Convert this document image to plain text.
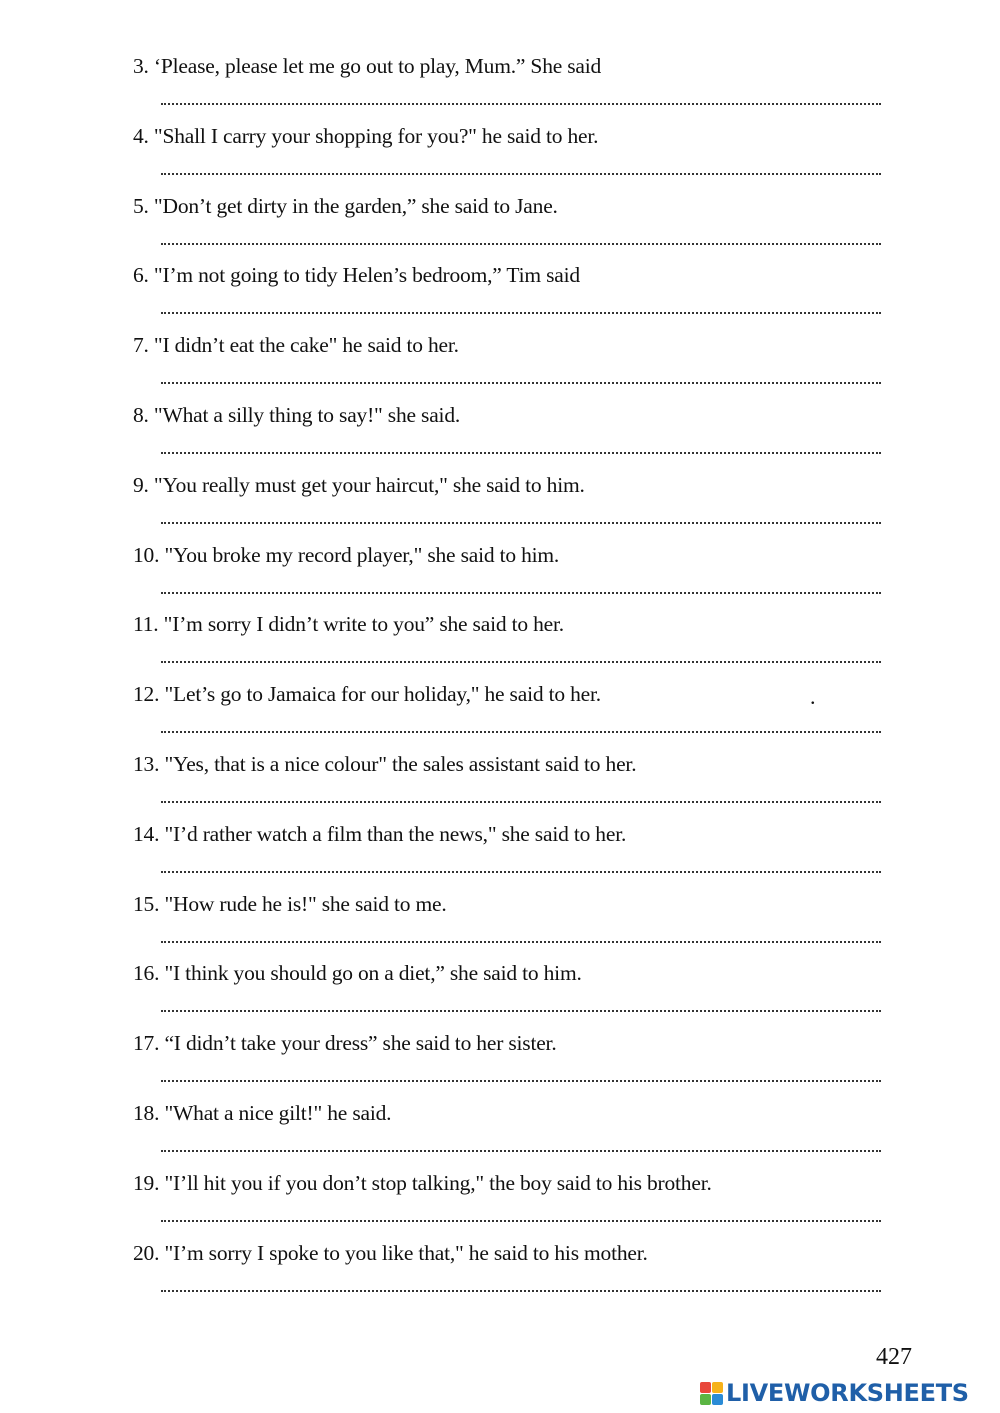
3. ‘Please, please let me go out to play, Mum.” She said
4. "Shall I carry your shopping for you?" he said to her.
5. "Don’t get dirty in the garden,” she said to Jane.
6. "I’m not going to tidy Helen’s bedroom,” Tim said
7. "I didn’t eat the cake" he said to her.
8. "What a silly thing to say!" she said.
9. "You really must get your haircut," she said to him.
10. "You broke my record player," she said to him.
11. "I’m sorry I didn’t write to you” she said to her.
12. "Let’s go to Jamaica for our holiday," he said to her.
13. "Yes, that is a nice colour" the sales assistant said to her.
14. "I’d rather watch a film than the news," she said to her.
15. "How rude he is!" she said to me.
16. "I think you should go on a diet,” she said to him.
17. “I didn’t take your dress” she said to her sister.
18. "What a nice gilt!" he said.
19. "I’ll hit you if you don’t stop talking," the boy said to his brother.
20. "I’m sorry I spoke to you like that," he said to his mother.
.
427
LIVEWORKSHEETS
